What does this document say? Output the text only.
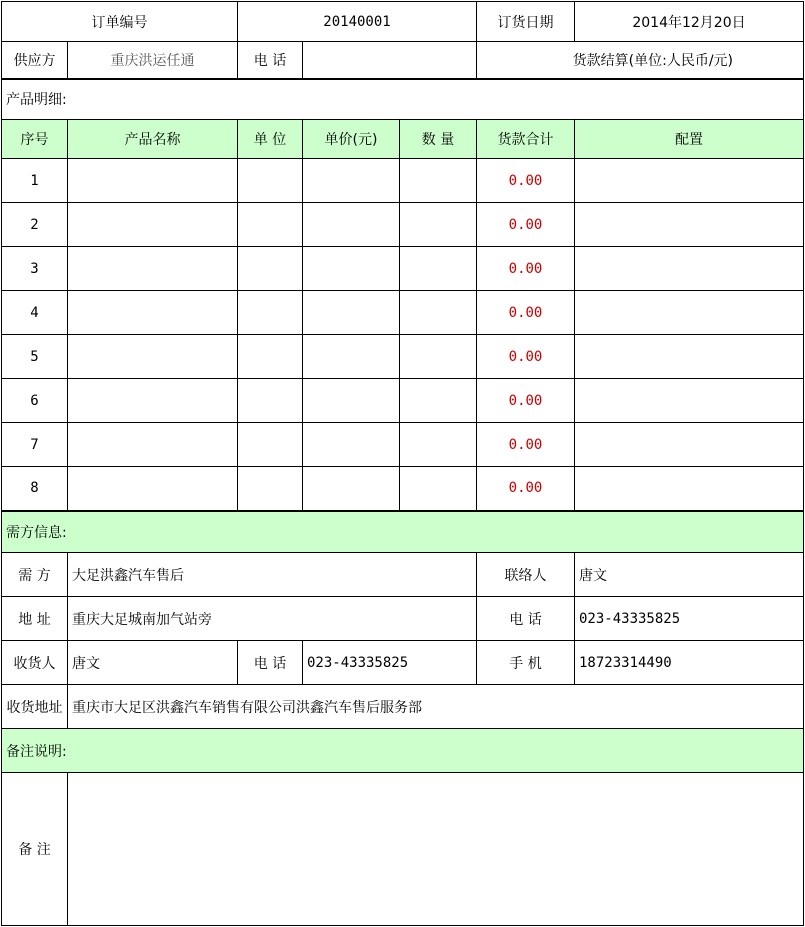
订单编号		20140001			订货日期	2014年12月20日
供应方	重庆洪运任通	电 话			货款结算(单位:人民币/元)	
产品明细:						
序号	产品名称	单 位	单价(元)	数 量	货款合计	配置
1					0.00	
2					0.00	
3					0.00	
4					0.00	
5					0.00	
6					0.00	
7					0.00	
8					0.00	
需方信息:						
需 方	大足洪鑫汽车售后				联络人	唐文
地 址	重庆大足城南加气站旁				电 话	023-43335825
收货人	唐文	电 话	023-43335825		手 机	18723314490
收货地址	重庆市大足区洪鑫汽车销售有限公司洪鑫汽车售后服务部					
备注说明:						
备 注						
